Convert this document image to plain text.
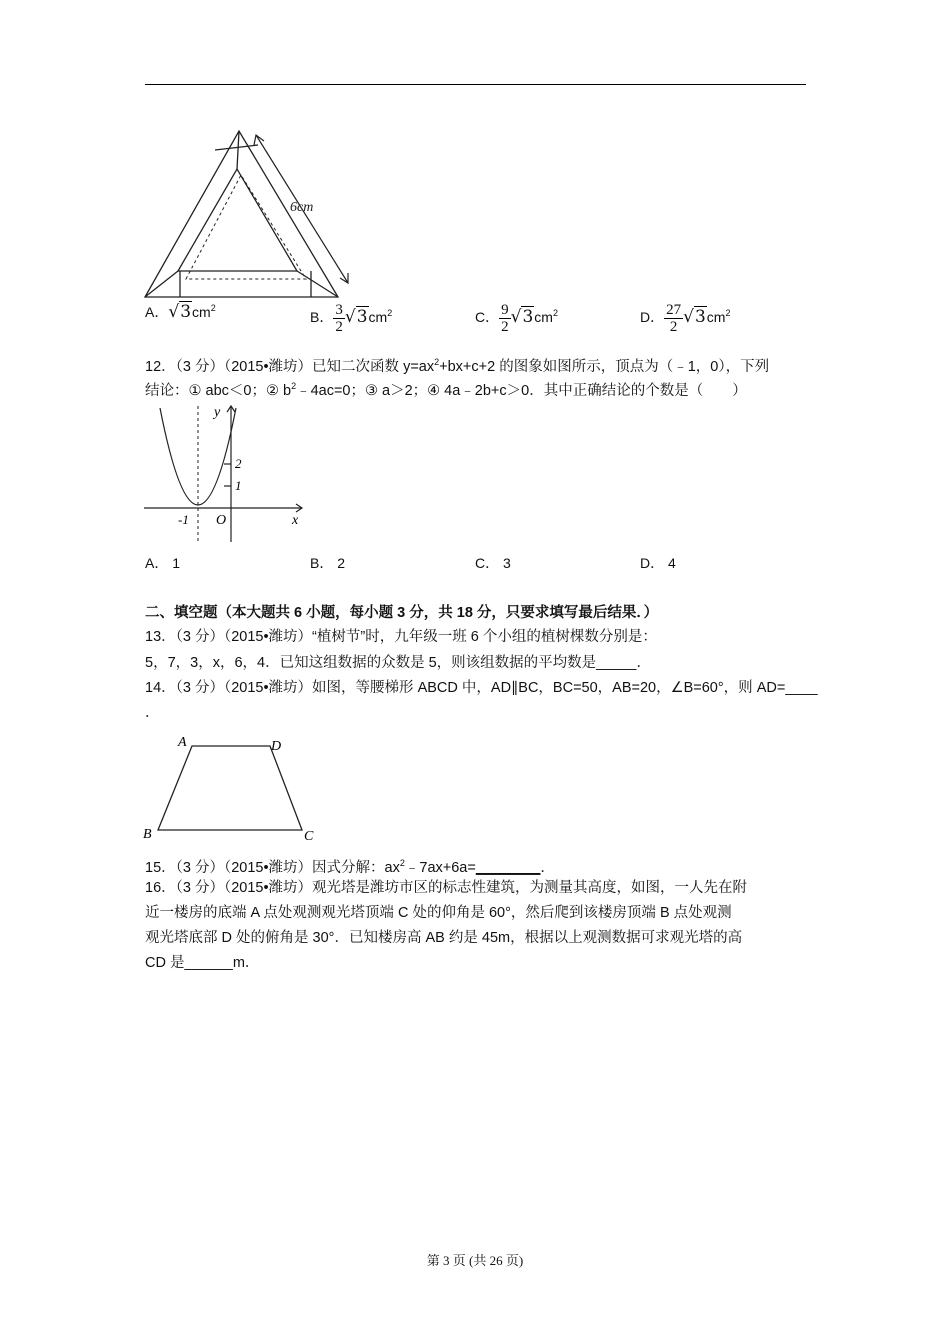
6cm
A．$√3cm^2$
B． $\frac{3}{2} √3cm^2$	C． $\frac{9}{2} √3cm^2$	D． $\frac{27}{2} √3cm^2$
12．（3 分）（2015•潍坊）已知二次函数 $y=ax^2+bx+c+2$ 的图象如图所示，顶点为（﹣1，0），下列
结论：① abc＜0；② $b^2﹣4ac=0$；③ a＞2；④ 4a﹣2b+c＞0．其中正确结论的个数是（　　）
y
x
O
2
1
-1
A． 1	B． 2	C． 3	D． 4
二、填空题（本大题共 6 小题，每小题 3 分，共 18 分，只要求填写最后结果．）
13．（3 分）（2015•潍坊）“植树节”时，九年级一班 6 个小组的植树棵数分别是：
5，7，3，x，6，4．已知这组数据的众数是 5，则该组数据的平均数是_____．
14．（3 分）（2015•潍坊）如图，等腰梯形 ABCD 中，AD∥BC，BC=50，AB=20，∠B=60°，则 AD=____
．
A	D
B	C
15．（3 分）（2015•潍坊）因式分解：$ax^2﹣7ax+6a=\_\_\_\_\_\_\_\_$．
16．（3 分）（2015•潍坊）观光塔是潍坊市区的标志性建筑，为测量其高度，如图，一人先在附
近一楼房的底端 A 点处观测观光塔顶端 C 处的仰角是 60°，然后爬到该楼房顶端 B 点处观测
观光塔底部 D 处的俯角是 30°．已知楼房高 AB 约是 45m，根据以上观测数据可求观光塔的高
CD 是______m．
第 3 页 (共 26 页)
